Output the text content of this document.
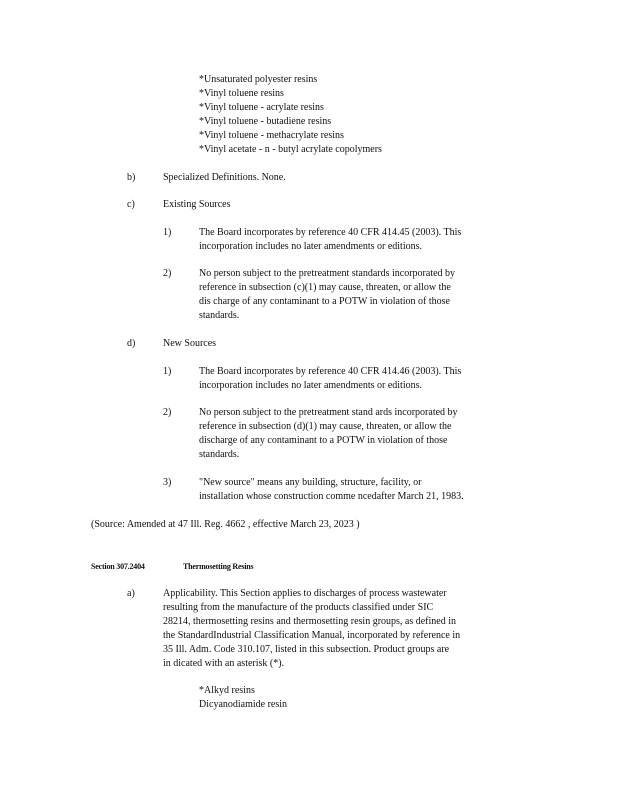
*Unsaturated polyester resins
*Vinyl toluene resins
*Vinyl toluene - acrylate resins
*Vinyl toluene - butadiene resins
*Vinyl toluene - methacrylate resins
*Vinyl acetate - n - butyl acrylate copolymers
b)	Specialized Definitions. None.
c)	Existing Sources
1)	The Board incorporates by reference 40 CFR 414.45 (2003). This
incorporation includes no later amendments or editions.
2)	No person subject to the pretreatment standards incorporated by
reference in subsection (c)(1) may cause, threaten, or allow the
dis charge of any contaminant to a POTW in violation of those
standards.
d)	New Sources
1)	The Board incorporates by reference 40 CFR 414.46 (2003). This
incorporation includes no later amendments or editions.
2)	No person subject to the pretreatment stand ards incorporated by
reference in subsection (d)(1) may cause, threaten, or allow the
discharge of any contaminant to a POTW in violation of those
standards.
3)	"New source" means any building, structure, facility, or
installation whose construction comme ncedafter March 21, 1983.
(Source: Amended at 47 Ill. Reg. 4662 , effective March 23, 2023 )
Section 307.2404	Thermosetting Resins
a)	Applicability. This Section applies to discharges of process wastewater
resulting from the manufacture of the products classified under SIC
28214, thermosetting resins and thermosetting resin groups, as defined in
the StandardIndustrial Classification Manual, incorporated by reference in
35 Ill. Adm. Code 310.107, listed in this subsection. Product groups are
in dicated with an asterisk (*).
*Alkyd resins
Dicyanodiamide resin
